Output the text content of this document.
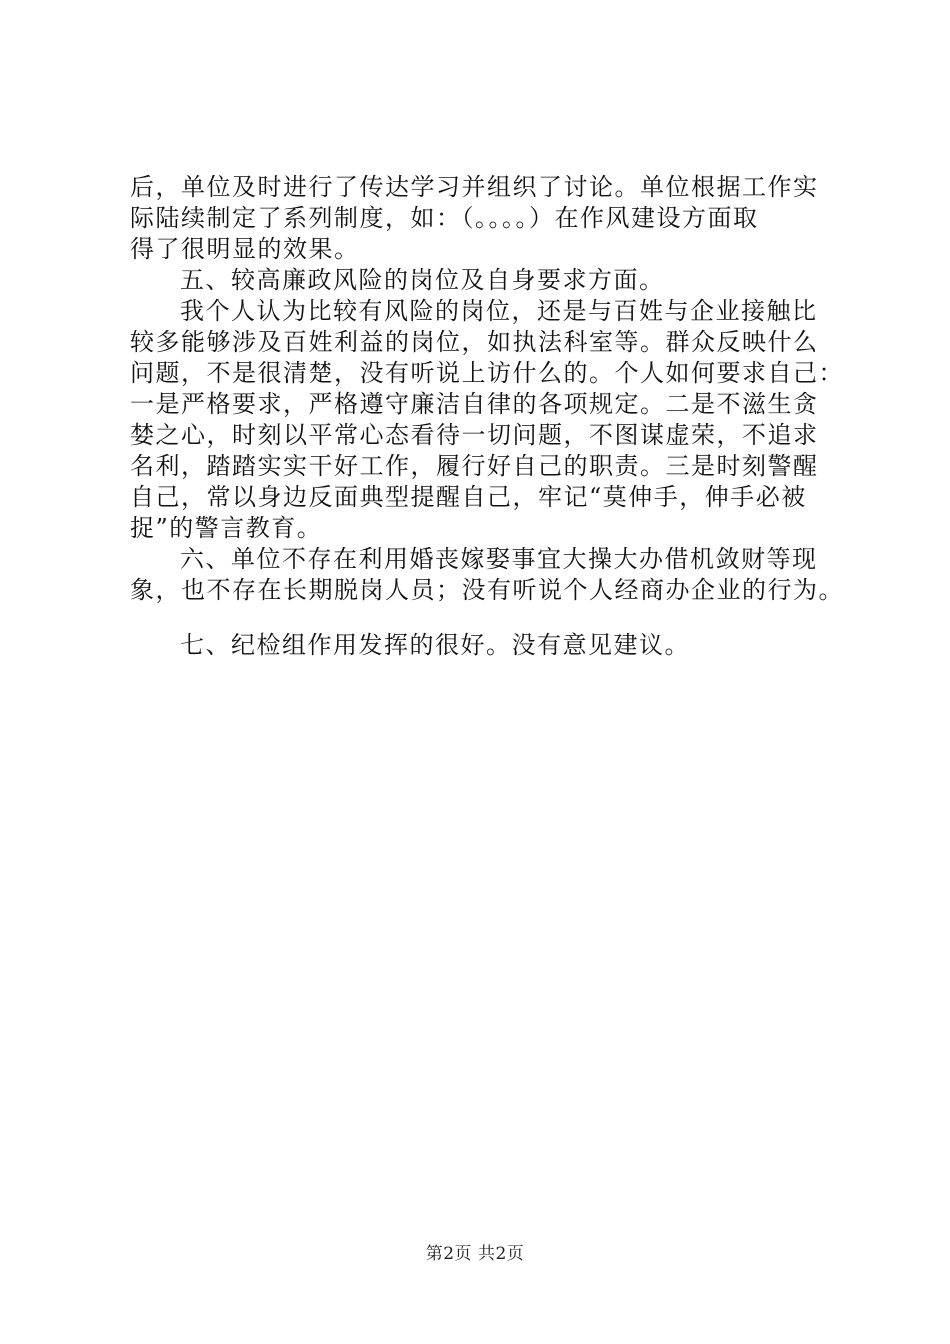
后，单位及时进行了传达学习并组织了讨论。单位根据工作实
际陆续制定了系列制度，如：（。。。。）在作风建设方面取
得了很明显的效果。
五、较高廉政风险的岗位及自身要求方面。
我个人认为比较有风险的岗位，还是与百姓与企业接触比
较多能够涉及百姓利益的岗位，如执法科室等。群众反映什么
问题，不是很清楚，没有听说上访什么的。个人如何要求自己：
一是严格要求，严格遵守廉洁自律的各项规定。二是不滋生贪
婪之心，时刻以平常心态看待一切问题，不图谋虚荣，不追求
名利，踏踏实实干好工作，履行好自己的职责。三是时刻警醒
自己，常以身边反面典型提醒自己，牢记“莫伸手，伸手必被
捉”的警言教育。
六、单位不存在利用婚丧嫁娶事宜大操大办借机敛财等现
象，也不存在长期脱岗人员；没有听说个人经商办企业的行为。
七、纪检组作用发挥的很好。没有意见建议。
第2页 共2页
